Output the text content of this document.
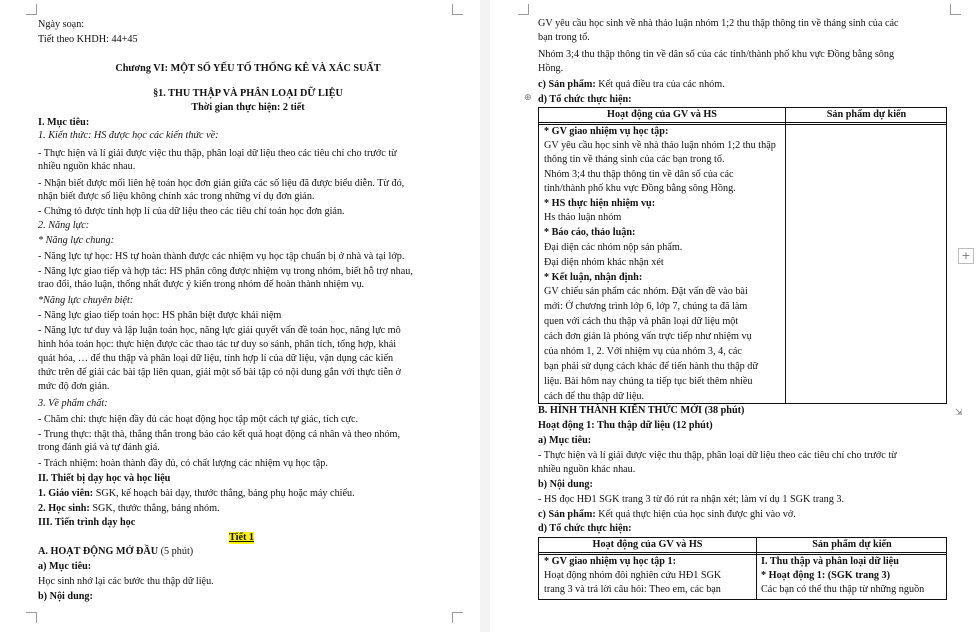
Ngày soạn:
Tiết theo KHDH: 44+45
Chương VI: MỘT SỐ YẾU TỐ THỐNG KÊ VÀ XÁC SUẤT
§1. THU THẬP VÀ PHÂN LOẠI DỮ LIỆU
Thời gian thực hiện: 2 tiết
I. Mục tiêu:
1. Kiến thức: HS được học các kiến thức về:
- Thực hiện và lí giải được việc thu thập, phân loại dữ liệu theo các tiêu chí cho trước từ
nhiều nguồn khác nhau.
- Nhận biết được mối liên hệ toán học đơn giản giữa các số liệu đã được biểu diễn. Từ đó,
nhận biết được số liệu không chính xác trong những ví dụ đơn giản.
- Chứng tỏ được tính hợp lí của dữ liệu theo các tiêu chí toán học đơn giản.
2. Năng lực:
* Năng lực chung:
- Năng lực tự học: HS tự hoàn thành được các nhiệm vụ học tập chuẩn bị ở nhà và tại lớp.
- Năng lực giao tiếp và hợp tác: HS phân công được nhiệm vụ trong nhóm, biết hỗ trợ nhau,
trao đổi, thảo luận, thống nhất được ý kiến trong nhóm để hoàn thành nhiệm vụ.
*Năng lực chuyên biệt:
- Năng lực giao tiếp toán học: HS phân biệt được khái niệm
- Năng lực tư duy và lập luận toán học, năng lực giải quyết vấn đề toán học, năng lực mô
hình hóa toán học: thực hiện được các thao tác tư duy so sánh, phân tích, tổng hợp, khái
quát hóa, … để thu thập và phân loại dữ liệu, tính hợp lí của dữ liệu, vận dụng các kiến
thức trên để giải các bài tập liên quan, giải một số bài tập có nội dung gắn với thực tiễn ở
mức độ đơn giản.
3. Về phẩm chất:
- Chăm chỉ: thực hiện đầy đủ các hoạt động học tập một cách tự giác, tích cực.
- Trung thực: thật thà, thẳng thắn trong báo cáo kết quả hoạt động cá nhân và theo nhóm,
trong đánh giá và tự đánh giá.
- Trách nhiệm: hoàn thành đầy đủ, có chất lượng các nhiệm vụ học tập.
II. Thiết bị dạy học và học liệu
1. Giáo viên: SGK, kế hoạch bài dạy, thước thẳng, bảng phụ hoặc máy chiếu.
2. Học sinh: SGK, thước thẳng, bảng nhóm.
III. Tiến trình dạy học
Tiết 1
A. HOẠT ĐỘNG MỞ ĐẦU (5 phút)
a) Mục tiêu:
Học sinh nhớ lại các bước thu thập dữ liệu.
b) Nội dung:
GV yêu cầu học sinh về nhà thảo luận nhóm 1;2 thu thập thông tin về tháng sinh của các
bạn trong tổ.
Nhóm 3;4 thu thập thông tin về dân số của các tỉnh/thành phố khu vực Đồng bằng sông
Hồng.
c) Sản phẩm: Kết quả điều tra của các nhóm.
d) Tổ chức thực hiện:
⊕
Hoạt động của GV và HS	Sản phẩm dự kiến
* GV giao nhiệm vụ học tập:
GV yêu cầu học sinh về nhà thảo luận nhóm 1;2 thu thập
thông tin về tháng sinh của các bạn trong tổ.
Nhóm 3;4 thu thập thông tin về dân số của các
tỉnh/thành phố khu vực Đồng bằng sông Hồng.
* HS thực hiện nhiệm vụ:
Hs thảo luận nhóm
* Báo cáo, thảo luận:
Đại diện các nhóm nộp sản phẩm.
Đại diện nhóm khác nhận xét
* Kết luận, nhận định:
GV chiếu sản phẩm các nhóm. Đặt vấn đề vào bài
mới: Ở chương trình lớp 6, lớp 7, chúng ta đã làm
quen với cách thu thập và phân loại dữ liệu một
cách đơn giản là phỏng vấn trực tiếp như nhiệm vụ
của nhóm 1, 2. Với nhiệm vụ của nhóm 3, 4, các
bạn phải sử dụng cách khác để tiến hành thu thập dữ
liệu. Bài hôm nay chúng ta tiếp tục biết thêm nhiều
cách để thu thập dữ liệu.
B. HÌNH THÀNH KIẾN THỨC MỚI (38 phút)
Hoạt động 1: Thu thập dữ liệu (12 phút)
a) Mục tiêu:
- Thực hiện và lí giải được việc thu thập, phân loại dữ liệu theo các tiêu chí cho trước từ
nhiều nguồn khác nhau.
b) Nội dung:
- HS đọc HĐ1 SGK trang 3 từ đó rút ra nhận xét; làm ví dụ 1 SGK trang 3.
c) Sản phẩm: Kết quả thực hiện của học sinh được ghi vào vở.
d) Tổ chức thực hiện:
Hoạt động của GV và HS	Sản phẩm dự kiến
* GV giao nhiệm vụ học tập 1:
Hoạt động nhóm đôi nghiên cứu HĐ1 SGK
trang 3 và trả lời câu hỏi: Theo em, các bạn
I. Thu thập và phân loại dữ liệu
* Hoạt động 1: (SGK trang 3)
Các bạn có thể thu thập từ những nguồn
+
⇲
